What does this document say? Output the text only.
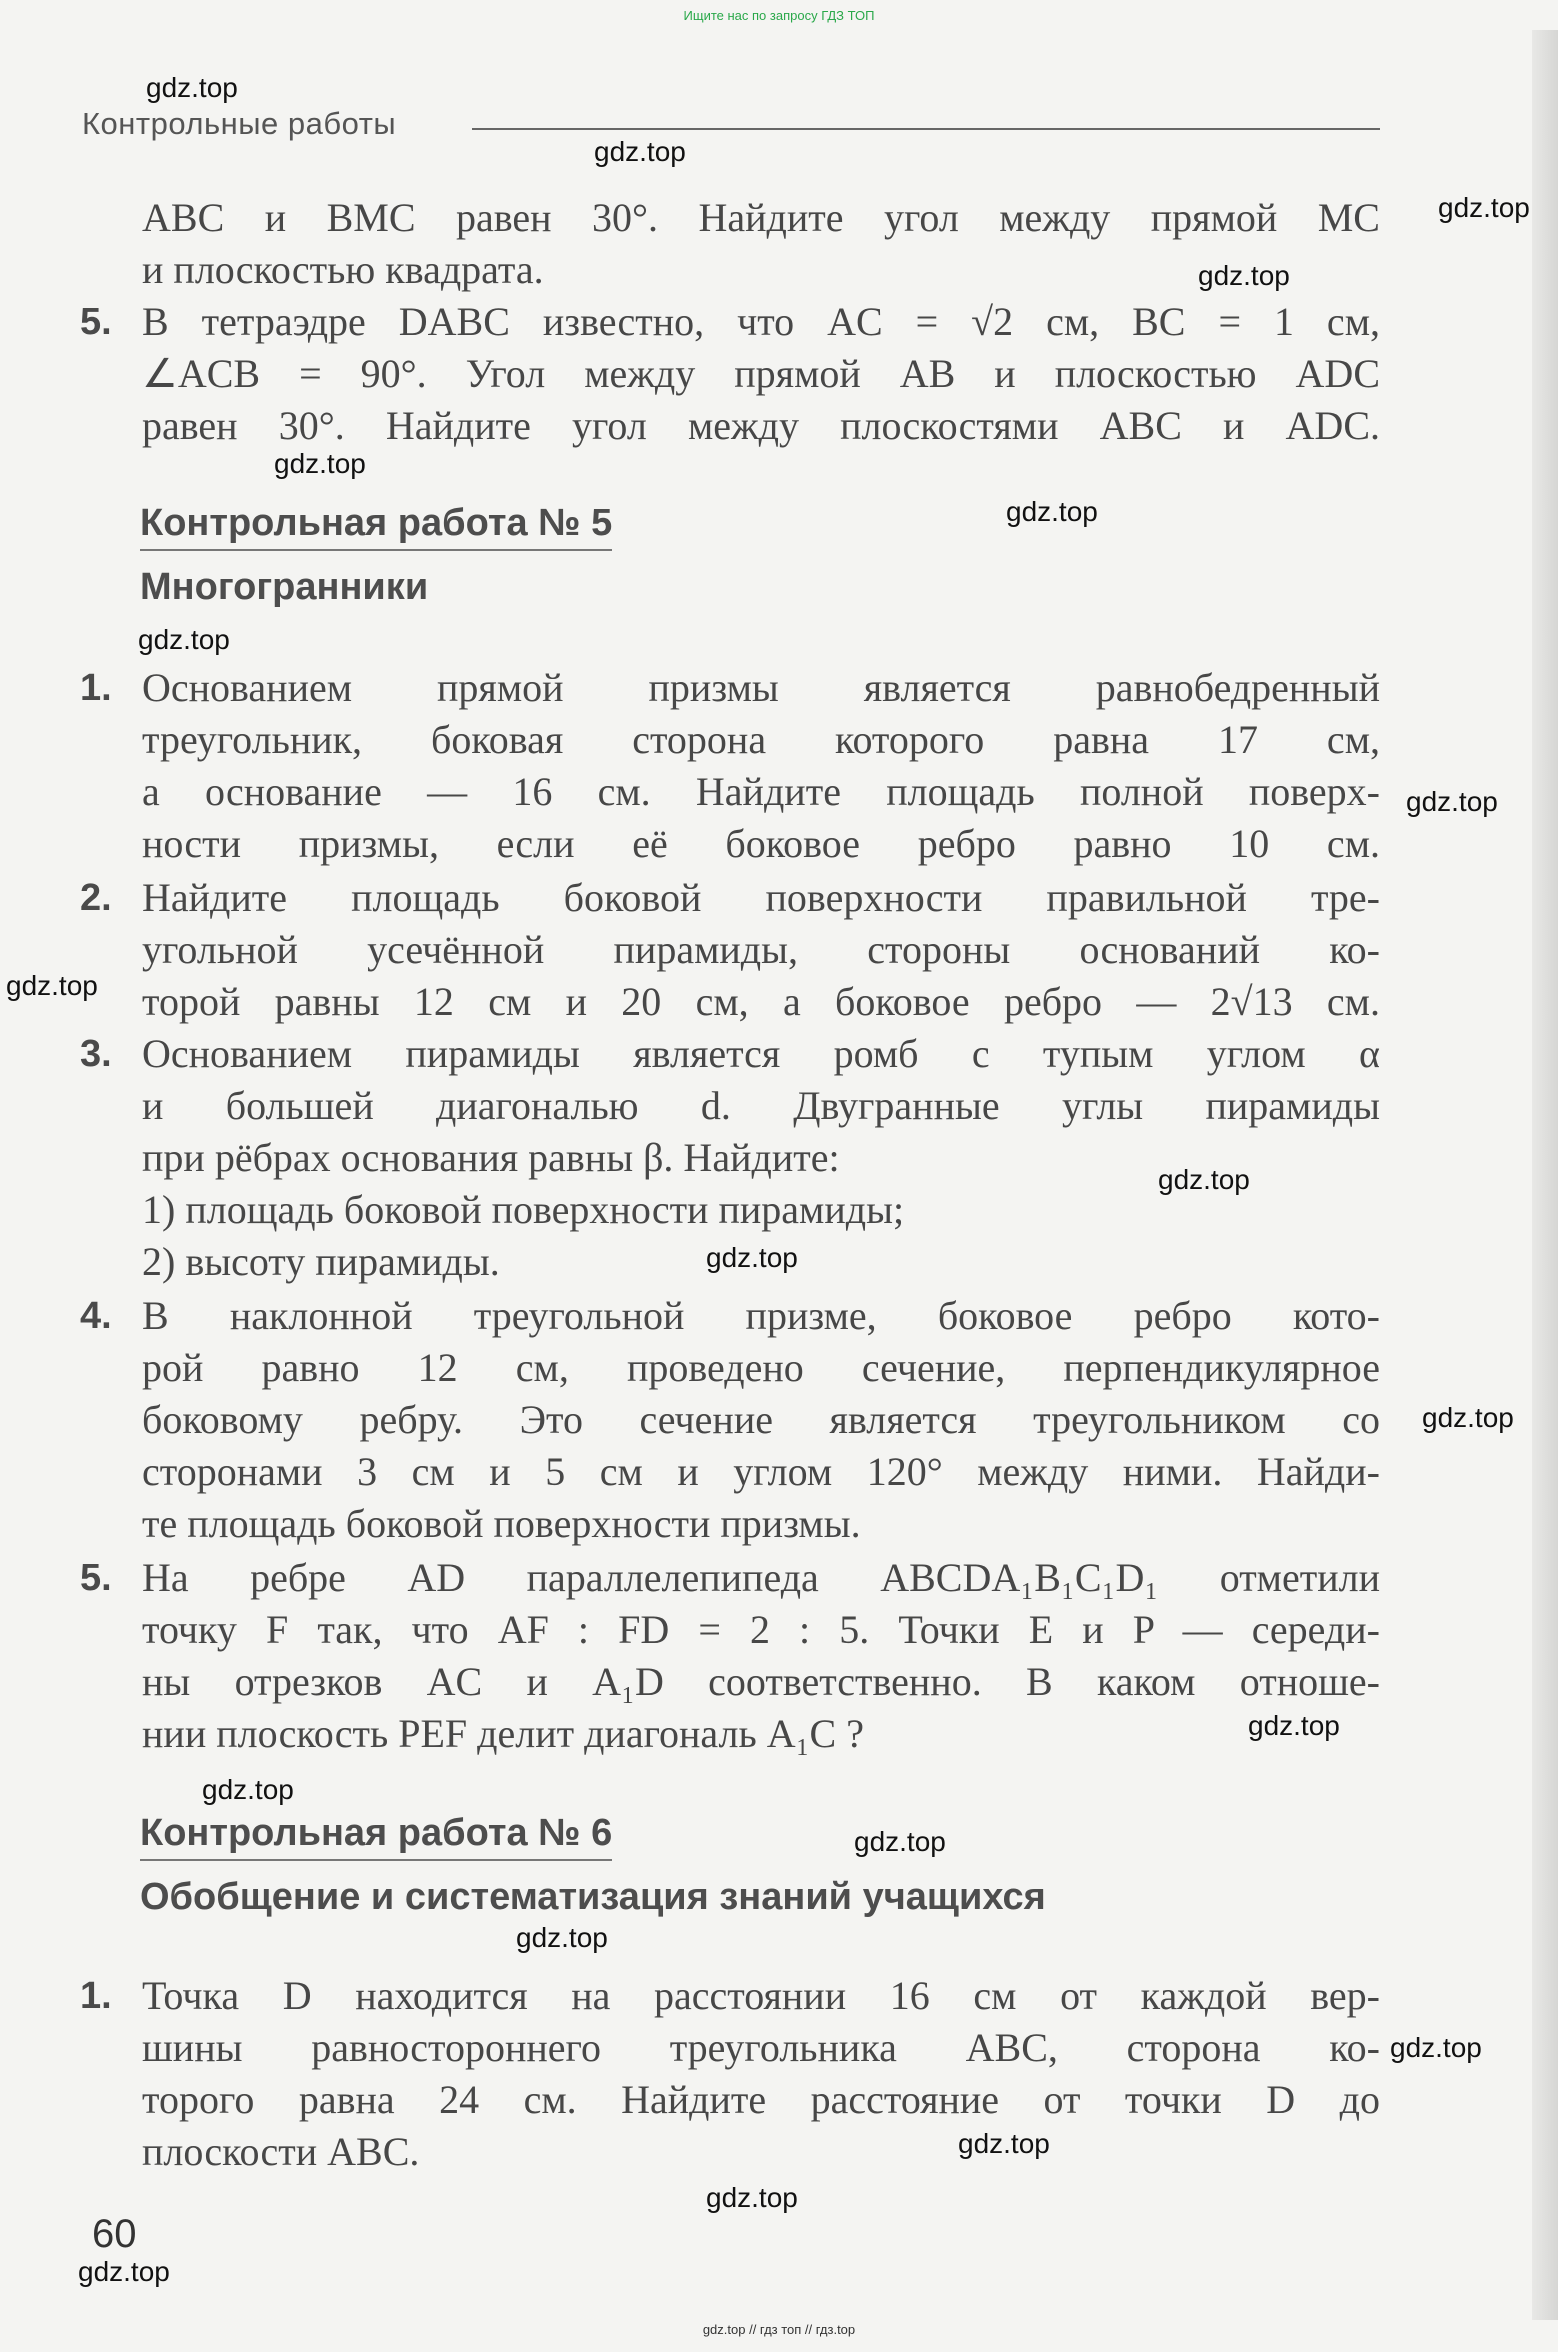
Ищите нас по запросу ГДЗ ТОП
Контрольные работы

ABC и BMC равен 30°. Найдите угол между прямой MC

и плоскостью квадрата.

5. В тетраэдре DABC известно, что AC = √2 см, BC = 1 см,

∠ACB = 90°. Угол между прямой AB и плоскостью ADC

равен 30°. Найдите угол между плоскостями ABC и ADC.

Контрольная работа № 5
Многогранники
1. Основанием прямой призмы является равнобедренный

треугольник, боковая сторона которого равна 17 см,

а основание — 16 см. Найдите площадь полной поверх-

ности призмы, если её боковое ребро равно 10 см.

2. Найдите площадь боковой поверхности правильной тре-

угольной усечённой пирамиды, стороны оснований ко-

торой равны 12 см и 20 см, а боковое ребро — 2√13 см.

3. Основанием пирамиды является ромб с тупым углом α

и большей диагональю d. Двугранные углы пирамиды

при рёбрах основания равны β. Найдите:

1) площадь боковой поверхности пирамиды;

2) высоту пирамиды.

4. В наклонной треугольной призме, боковое ребро кото-

рой равно 12 см, проведено сечение, перпендикулярное

боковому ребру. Это сечение является треугольником со

сторонами 3 см и 5 см и углом 120° между ними. Найди-

те площадь боковой поверхности призмы.

5. На ребре AD параллелепипеда ABCDA₁B₁C₁D₁ отметили

точку F так, что AF : FD = 2 : 5. Точки E и P — середи-

ны отрезков AC и A₁D соответственно. В каком отноше-

нии плоскость PEF делит диагональ A₁C ?

Контрольная работа № 6
Обобщение и систематизация знаний учащихся
1. Точка D находится на расстоянии 16 см от каждой вер-

шины равностороннего треугольника ABC, сторона ко-

торого равна 24 см. Найдите расстояние от точки D до

плоскости ABC.

60
gdz.top
gdz.top
gdz.top
gdz.top
gdz.top
gdz.top
gdz.top
gdz.top
gdz.top
gdz.top
gdz.top
gdz.top
gdz.top
gdz.top
gdz.top
gdz.top
gdz.top
gdz.top
gdz.top
gdz.top
gdz.top // гдз топ // гдз.top
